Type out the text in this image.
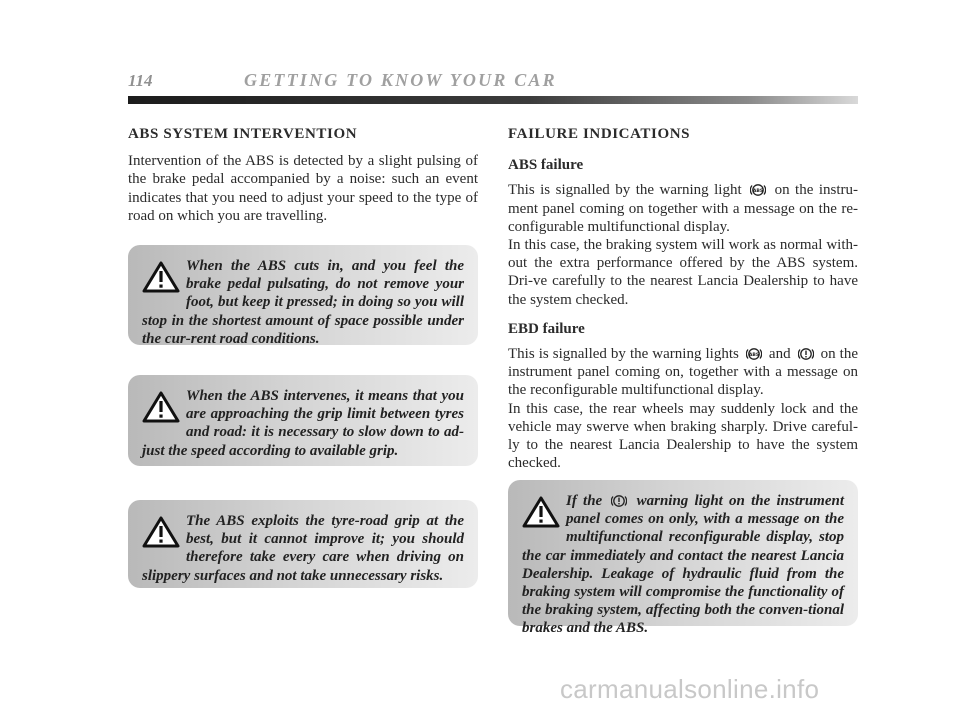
114	GETTING TO KNOW YOUR CAR

ABS SYSTEM INTERVENTION

Intervention of the ABS is detected by a slight pulsing of the brake pedal accompanied by a noise: such an event indicates that you need to adjust your speed to the type of road on which you are travelling.

When the ABS cuts in, and you feel the brake pedal pulsating, do not remove your foot, but keep it pressed; in doing so you will stop in the shortest amount of space possible under the cur-rent road conditions.

When the ABS intervenes, it means that you are approaching the grip limit between tyres and road: it is necessary to slow down to ad-just the speed according to available grip.

The ABS exploits the tyre-road grip at the best, but it cannot improve it; you should therefore take every care when driving on slippery surfaces and not take unnecessary risks.

FAILURE INDICATIONS

ABS failure

This is signalled by the warning light ABS on the instru-ment panel coming on together with a message on the re-configurable multifunctional display.

In this case, the braking system will work as normal with-out the extra performance offered by the ABS system. Dri-ve carefully to the nearest Lancia Dealership to have the system checked.

EBD failure

This is signalled by the warning lights ABS and on the instrument panel coming on, together with a message on the reconfigurable multifunctional display.

In this case, the rear wheels may suddenly lock and the vehicle may swerve when braking sharply. Drive careful-ly to the nearest Lancia Dealership to have the system checked.

If the warning light on the instrument panel comes on only, with a message on the multifunctional reconfigurable display, stop the car immediately and contact the nearest Lancia Dealership. Leakage of hydraulic fluid from the braking system will compromise the functionality of the braking system, affecting both the conven-tional brakes and the ABS.

carmanualsonline.info
